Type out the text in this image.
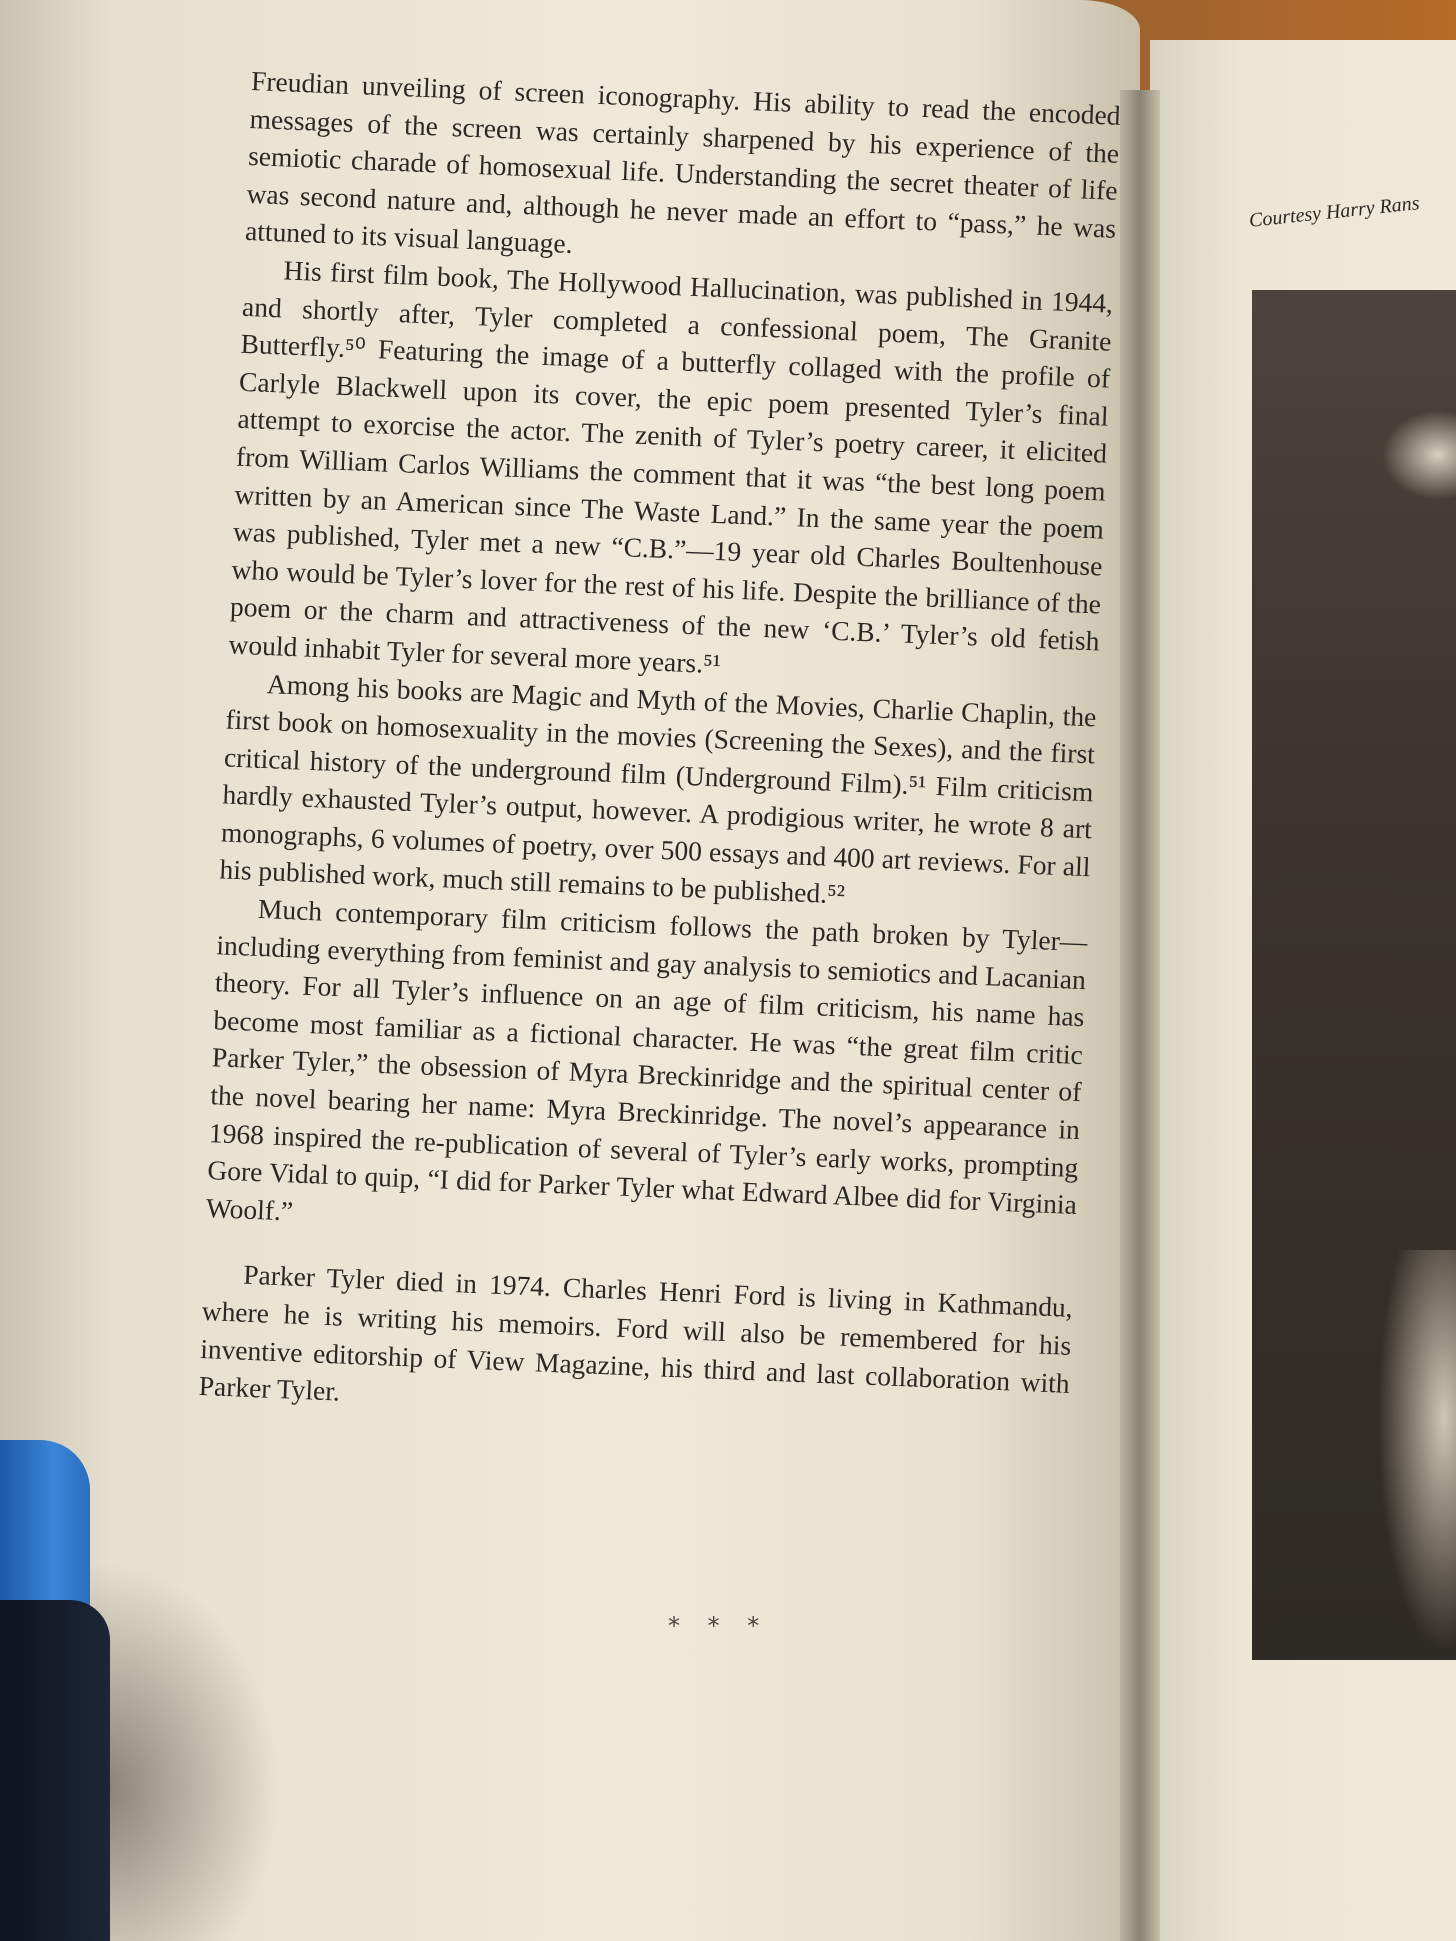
Courtesy Harry Rans

Freudian unveiling of screen iconography. His ability to read the encoded messages of the screen was certainly sharpened by his experience of the semiotic charade of homosexual life. Understanding the secret theater of life was second nature and, although he never made an effort to “pass,” he was attuned to its visual language.

His first film book, The Hollywood Hallucination, was published in 1944, and shortly after, Tyler completed a confessional poem, The Granite Butterfly.⁵⁰ Featuring the image of a butterfly collaged with the profile of Carlyle Blackwell upon its cover, the epic poem presented Tyler’s final attempt to exorcise the actor. The zenith of Tyler’s poetry career, it elicited from William Carlos Williams the comment that it was “the best long poem written by an American since The Waste Land.” In the same year the poem was published, Tyler met a new “C.B.”—19 year old Charles Boultenhouse who would be Tyler’s lover for the rest of his life. Despite the brilliance of the poem or the charm and attractiveness of the new ‘C.B.’ Tyler’s old fetish would inhabit Tyler for several more years.⁵¹

Among his books are Magic and Myth of the Movies, Charlie Chaplin, the first book on homosexuality in the movies (Screening the Sexes), and the first critical history of the underground film (Underground Film).⁵¹ Film criticism hardly exhausted Tyler’s output, however. A prodigious writer, he wrote 8 art monographs, 6 volumes of poetry, over 500 essays and 400 art reviews. For all his published work, much still remains to be published.⁵²

Much contemporary film criticism follows the path broken by Tyler—including everything from feminist and gay analysis to semiotics and Lacanian theory. For all Tyler’s influence on an age of film criticism, his name has become most familiar as a fictional character. He was “the great film critic Parker Tyler,” the obsession of Myra Breckinridge and the spiritual center of the novel bearing her name: Myra Breckinridge. The novel’s appearance in 1968 inspired the re-publication of several of Tyler’s early works, prompting Gore Vidal to quip, “I did for Parker Tyler what Edward Albee did for Virginia Woolf.”

Parker Tyler died in 1974. Charles Henri Ford is living in Kathmandu, where he is writing his memoirs. Ford will also be remembered for his inventive editorship of View Magazine, his third and last collaboration with Parker Tyler.

* * *
